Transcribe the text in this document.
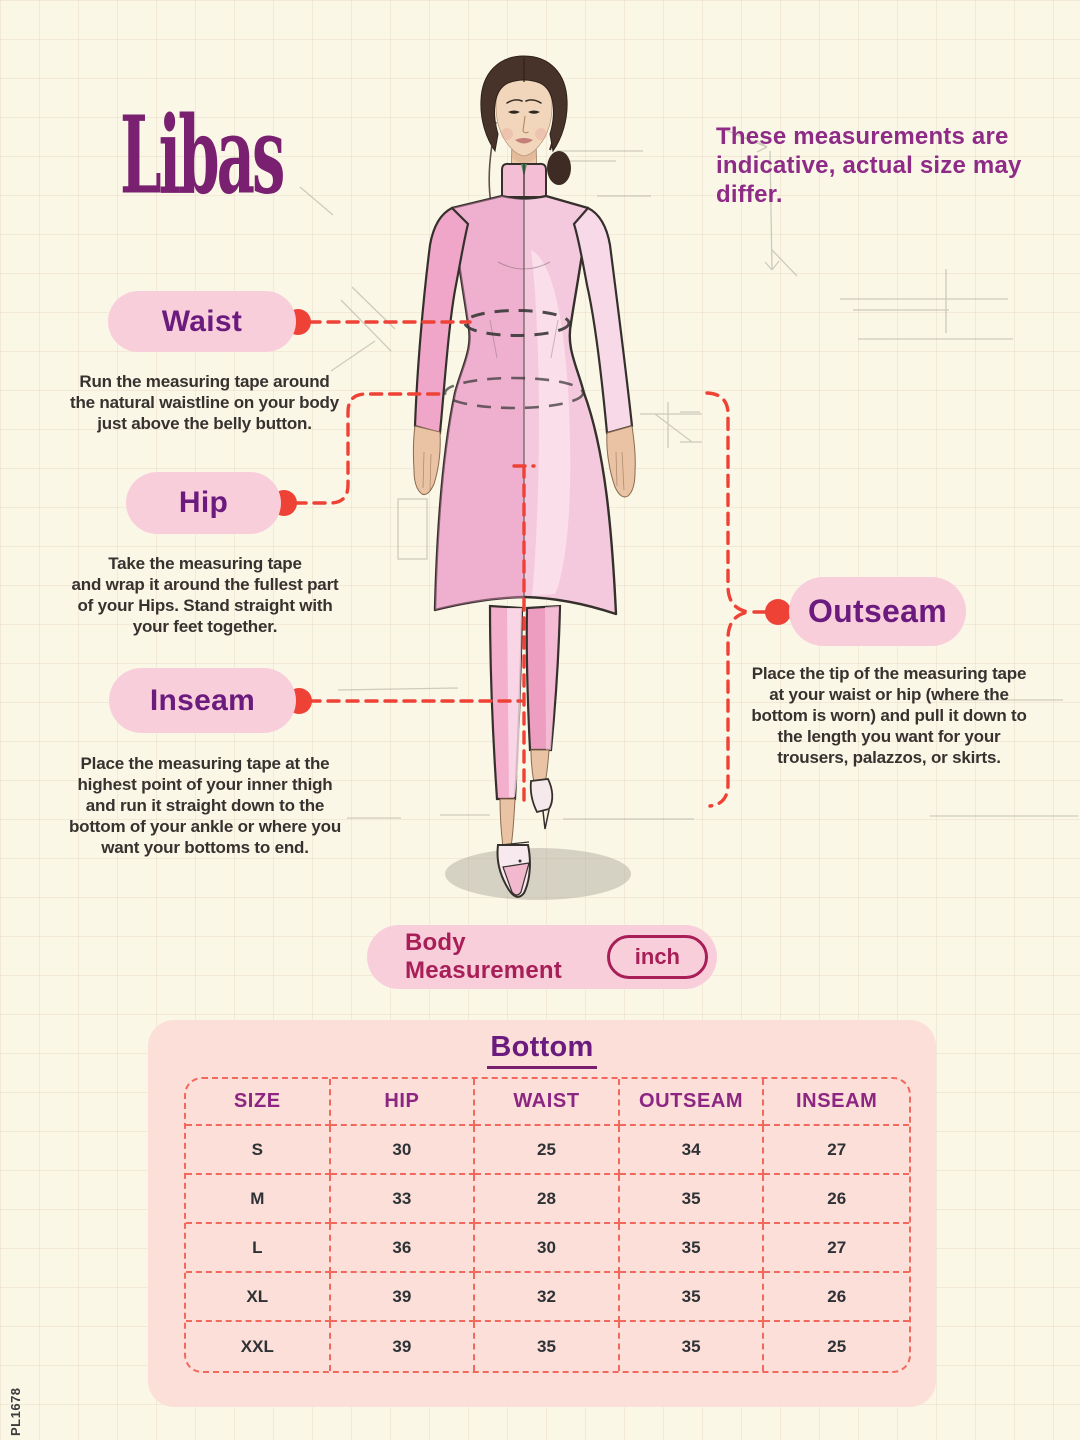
Libas	These measurements are
indicative, actual size may
differ.
Waist
Run the measuring tape around
the natural waistline on your body
just above the belly button.
Hip
Take the measuring tape
and wrap it around the fullest part
of your Hips. Stand straight with
your feet together.
Inseam
Place the measuring tape at the
highest point of your inner thigh
and run it straight down to the
bottom of your ankle or where you
want your bottoms to end.
Outseam
Place the tip of the measuring tape
at your waist or hip (where the
bottom is worn) and pull it down to
the length you want for your
trousers, palazzos, or skirts.
Body Measurement
inch
Bottom
SIZE	HIP	WAIST	OUTSEAM	INSEAM
S	30	25	34	27
M	33	28	35	26
L	36	30	35	27
XL	39	32	35	26
XXL	39	35	35	25
PL1678
